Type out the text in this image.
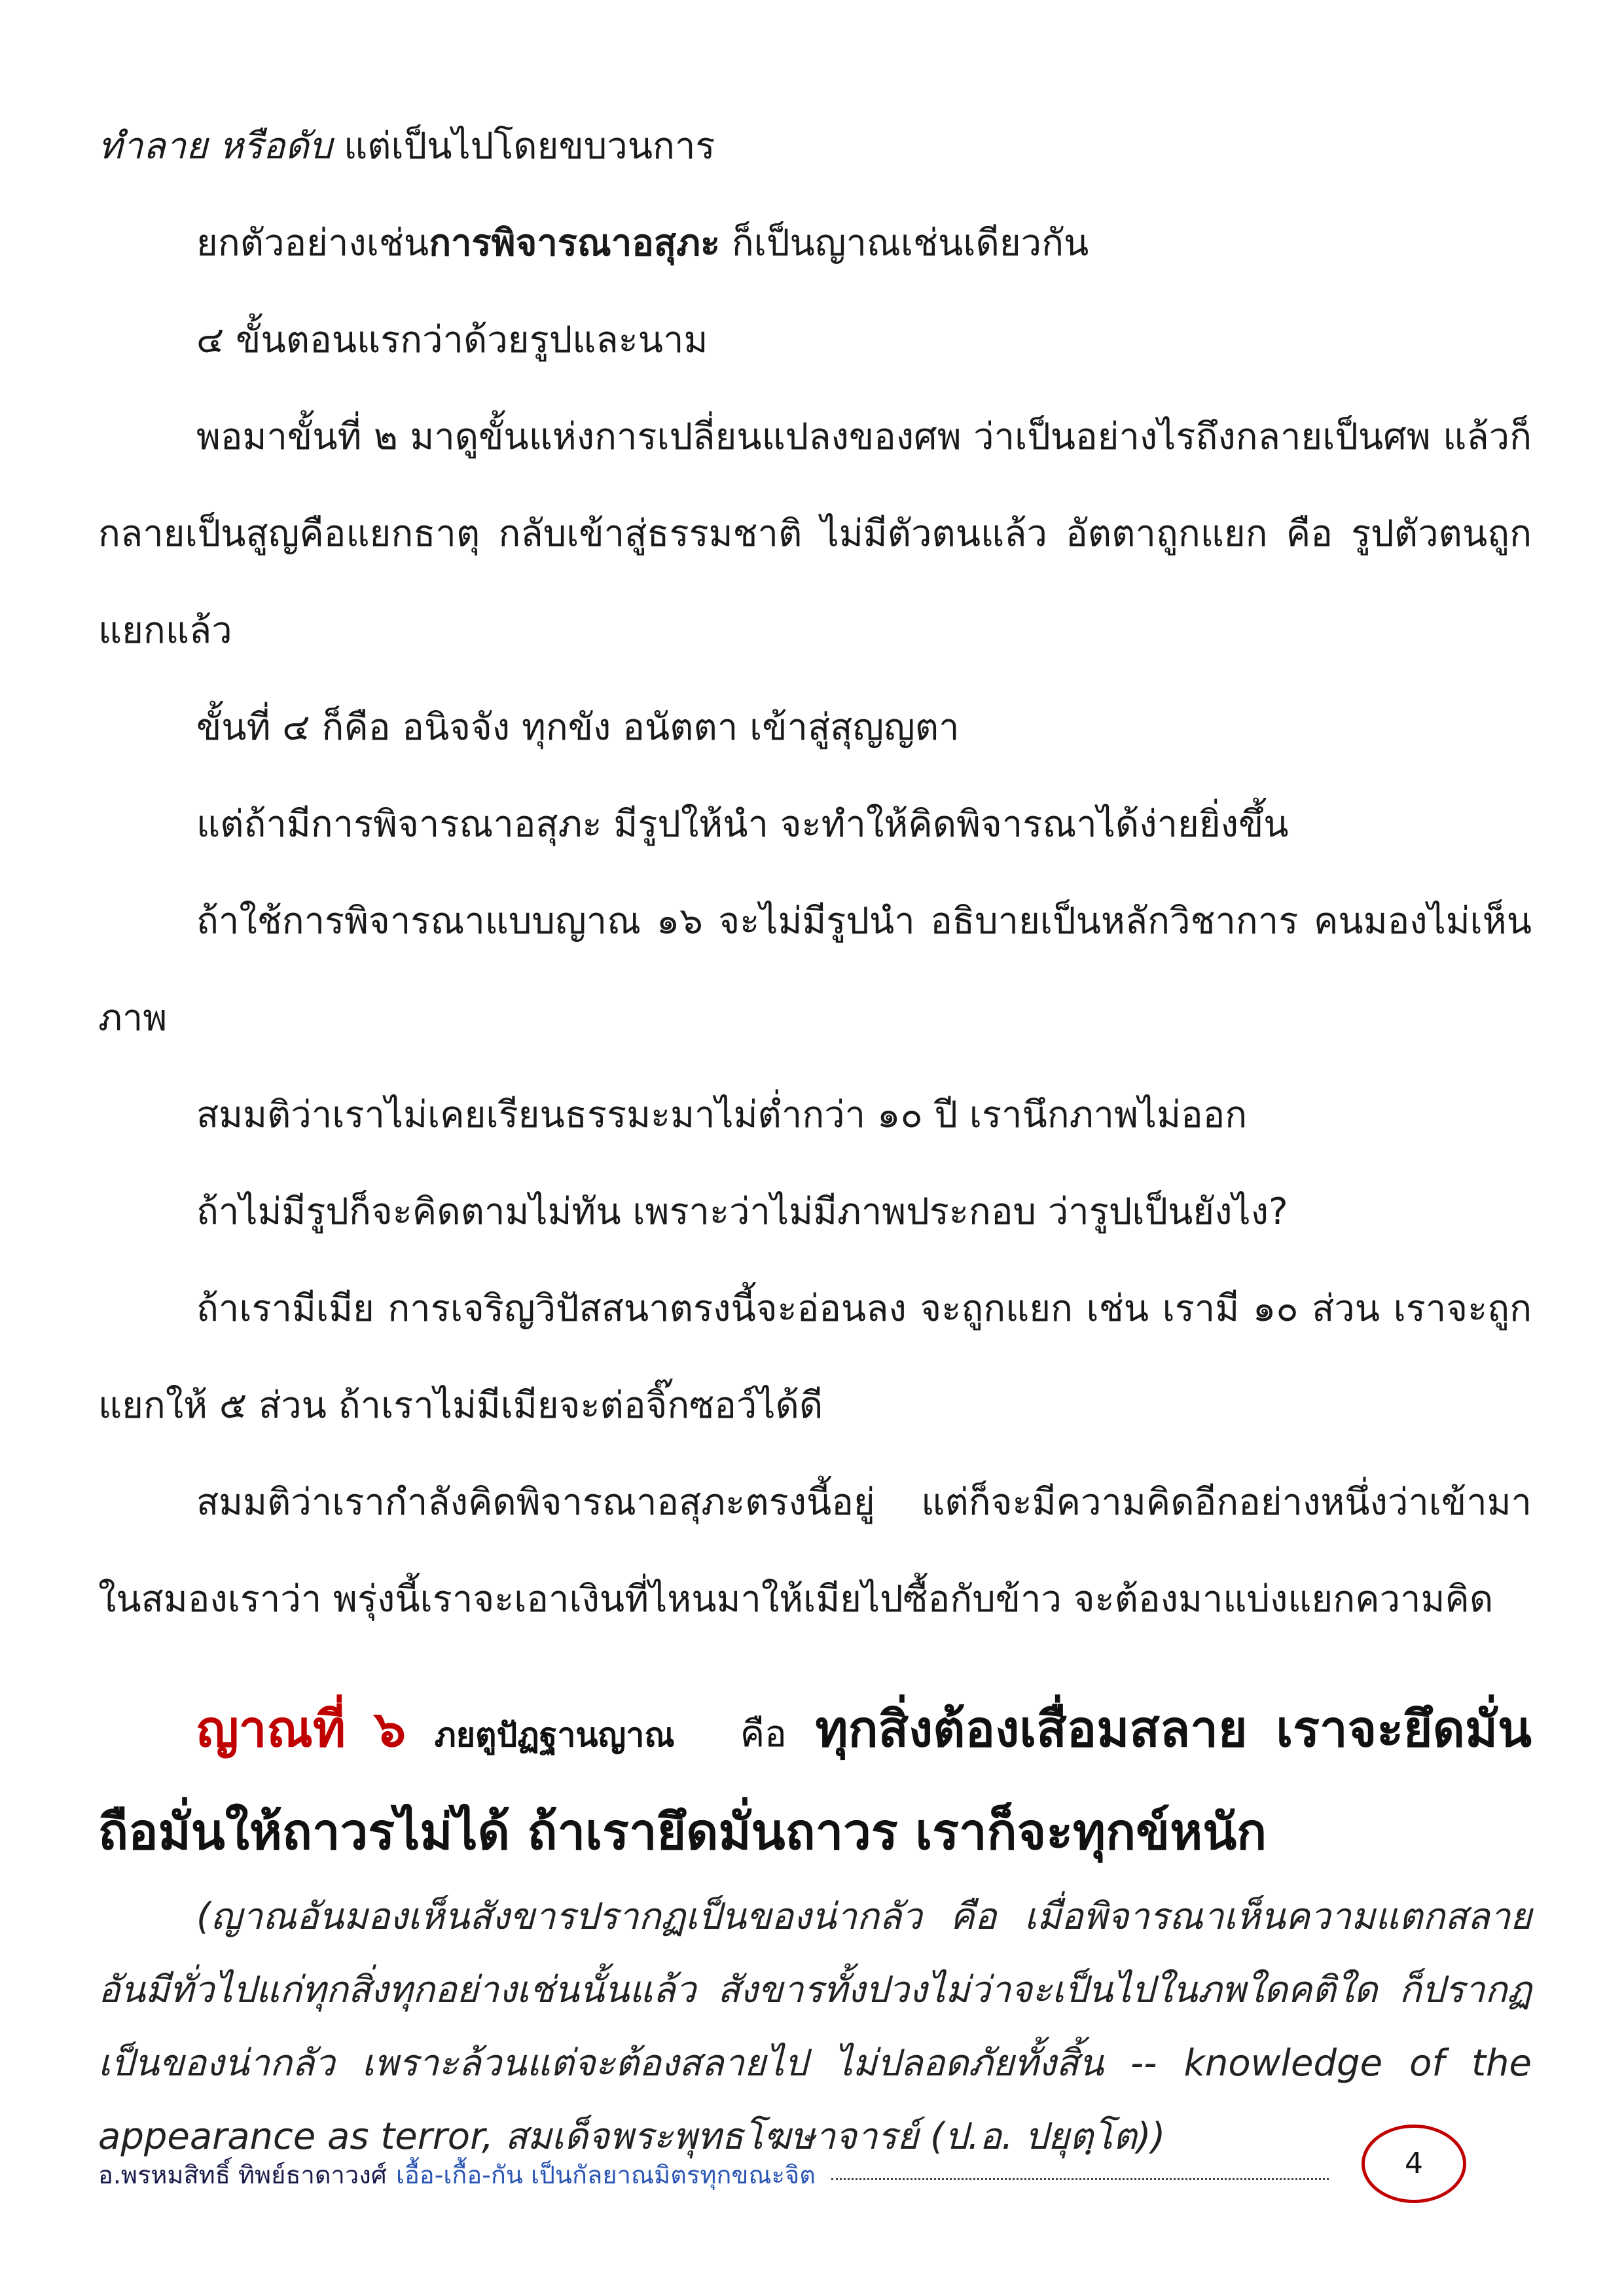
ทำลาย หรือดับ แต่เป็นไปโดยขบวนการ

ยกตัวอย่างเช่นการพิจารณาอสุภะ ก็เป็นญาณเช่นเดียวกัน

๔ ขั้นตอนแรกว่าด้วยรูปและนาม

พอมาขั้นที่ ๒ มาดูขั้นแห่งการเปลี่ยนแปลงของศพ ว่าเป็นอย่างไรถึงกลายเป็นศพ แล้วก็กลายเป็นสูญคือแยกธาตุ กลับเข้าสู่ธรรมชาติ ไม่มีตัวตนแล้ว อัตตาถูกแยก คือ รูปตัวตนถูกแยกแล้ว

ขั้นที่ ๔ ก็คือ อนิจจัง ทุกขัง อนัตตา เข้าสู่สุญญตา

แต่ถ้ามีการพิจารณาอสุภะ มีรูปให้นำ จะทำให้คิดพิจารณาได้ง่ายยิ่งขึ้น

ถ้าใช้การพิจารณาแบบญาณ ๑๖ จะไม่มีรูปนำ อธิบายเป็นหลักวิชาการ คนมองไม่เห็นภาพ

สมมติว่าเราไม่เคยเรียนธรรมะมาไม่ต่ำกว่า ๑๐ ปี เรานึกภาพไม่ออก

ถ้าไม่มีรูปก็จะคิดตามไม่ทัน เพราะว่าไม่มีภาพประกอบ ว่ารูปเป็นยังไง?

ถ้าเรามีเมีย การเจริญวิปัสสนาตรงนี้จะอ่อนลง จะถูกแยก เช่น เรามี ๑๐ ส่วน เราจะถูกแยกให้ ๕ ส่วน ถ้าเราไม่มีเมียจะต่อจิ๊กซอว์ได้ดี

สมมติว่าเรากำลังคิดพิจารณาอสุภะตรงนี้อยู่ แต่ก็จะมีความคิดอีกอย่างหนึ่งว่าเข้ามาในสมองเราว่า พรุ่งนี้เราจะเอาเงินที่ไหนมาให้เมียไปซื้อกับข้าว จะต้องมาแบ่งแยกความคิด

ญาณที่ ๖ ภยตูปัฏฐานญาณ คือ ทุกสิ่งต้องเสื่อมสลาย เราจะยึดมั่นถือมั่นให้ถาวรไม่ได้ ถ้าเรายึดมั่นถาวร เราก็จะทุกข์หนัก

(ญาณอันมองเห็นสังขารปรากฏเป็นของน่ากลัว คือ เมื่อพิจารณาเห็นความแตกสลายอันมีทั่วไปแก่ทุกสิ่งทุกอย่างเช่นนั้นแล้ว สังขารทั้งปวงไม่ว่าจะเป็นไปในภพใดคติใด ก็ปรากฏเป็นของน่ากลัว เพราะล้วนแต่จะต้องสลายไป ไม่ปลอดภัยทั้งสิ้น -- knowledge of the appearance as terror, สมเด็จพระพุทธโฆษาจารย์ (ป.อ. ปยุตฺโต))

อ.พรหมสิทธิ์ ทิพย์ธาดาวงศ์ เอื้อ-เกื้อ-กัน เป็นกัลยาณมิตรทุกขณะจิต	4
